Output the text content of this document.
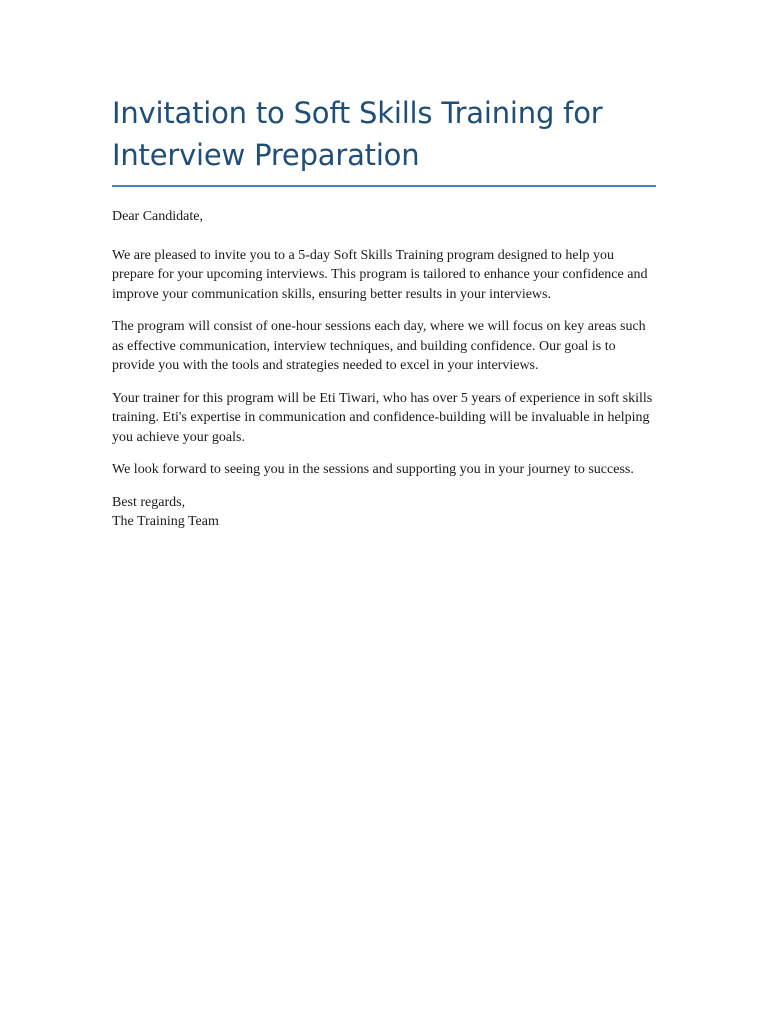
Invitation to Soft Skills Training for Interview Preparation

Dear Candidate,

We are pleased to invite you to a 5-day Soft Skills Training program designed to help you prepare for your upcoming interviews. This program is tailored to enhance your confidence and improve your communication skills, ensuring better results in your interviews.

The program will consist of one-hour sessions each day, where we will focus on key areas such as effective communication, interview techniques, and building confidence. Our goal is to provide you with the tools and strategies needed to excel in your interviews.

Your trainer for this program will be Eti Tiwari, who has over 5 years of experience in soft skills training. Eti's expertise in communication and confidence-building will be invaluable in helping you achieve your goals.

We look forward to seeing you in the sessions and supporting you in your journey to success.

Best regards,

The Training Team
